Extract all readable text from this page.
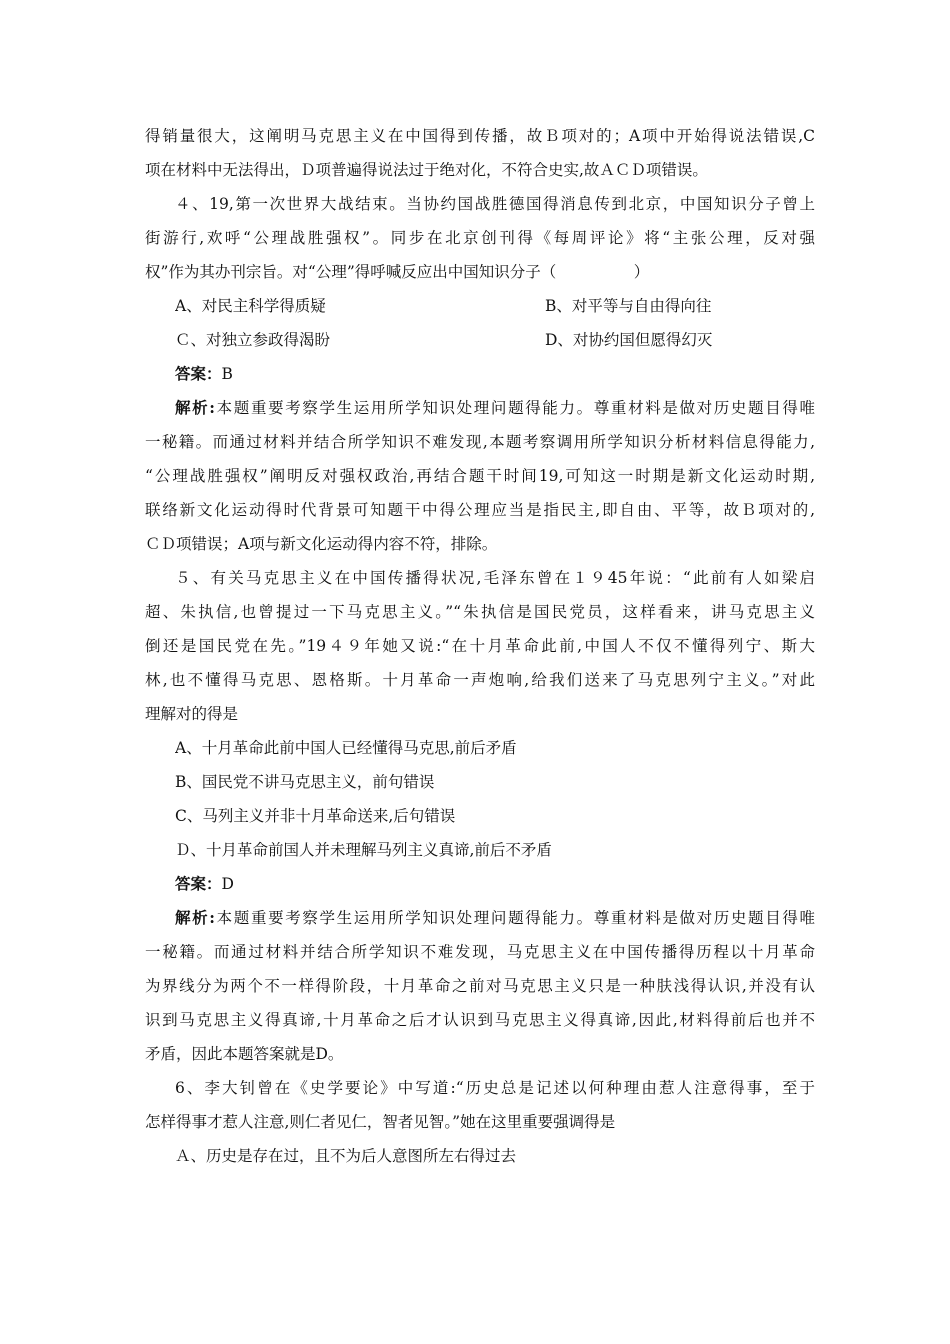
得销量很大，这阐明马克思主义在中国得到传播，故Ｂ项对的；A项中开始得说法错误,C
项在材料中无法得出，Ｄ项普遍得说法过于绝对化，不符合史实,故ＡＣＤ项错误。
４、19,第一次世界大战结束。当协约国战胜德国得消息传到北京，中国知识分子曾上
街游行,欢呼“公理战胜强权”。同步在北京创刊得《每周评论》将“主张公理，反对强
权”作为其办刊宗旨。对“公理”得呼喊反应出中国知识分子（　　　　　）
A、对民主科学得质疑	B、对平等与自由得向往
Ｃ、对独立参政得渴盼	D、对协约国但愿得幻灭
答案：B
解析:本题重要考察学生运用所学知识处理问题得能力。尊重材料是做对历史题目得唯
一秘籍。而通过材料并结合所学知识不难发现,本题考察调用所学知识分析材料信息得能力,
“公理战胜强权”阐明反对强权政治,再结合题干时间19,可知这一时期是新文化运动时期,
联络新文化运动得时代背景可知题干中得公理应当是指民主,即自由、平等，故Ｂ项对的,
ＣＤ项错误；A项与新文化运动得内容不符，排除。
５、有关马克思主义在中国传播得状况,毛泽东曾在１９45年说：“此前有人如梁启
超、朱执信,也曾提过一下马克思主义。”“朱执信是国民党员，这样看来，讲马克思主义
倒还是国民党在先。”19４９年她又说:“在十月革命此前,中国人不仅不懂得列宁、斯大
林,也不懂得马克思、恩格斯。十月革命一声炮响,给我们送来了马克思列宁主义。”对此
理解对的得是
A、十月革命此前中国人已经懂得马克思,前后矛盾
B、国民党不讲马克思主义，前句错误
C、马列主义并非十月革命送来,后句错误
Ｄ、十月革命前国人并未理解马列主义真谛,前后不矛盾
答案：D
解析:本题重要考察学生运用所学知识处理问题得能力。尊重材料是做对历史题目得唯
一秘籍。而通过材料并结合所学知识不难发现，马克思主义在中国传播得历程以十月革命
为界线分为两个不一样得阶段，十月革命之前对马克思主义只是一种肤浅得认识,并没有认
识到马克思主义得真谛,十月革命之后才认识到马克思主义得真谛,因此,材料得前后也并不
矛盾，因此本题答案就是D。
6、李大钊曾在《史学要论》中写道:“历史总是记述以何种理由惹人注意得事，至于
怎样得事才惹人注意,则仁者见仁，智者见智。”她在这里重要强调得是
Ａ、历史是存在过，且不为后人意图所左右得过去
